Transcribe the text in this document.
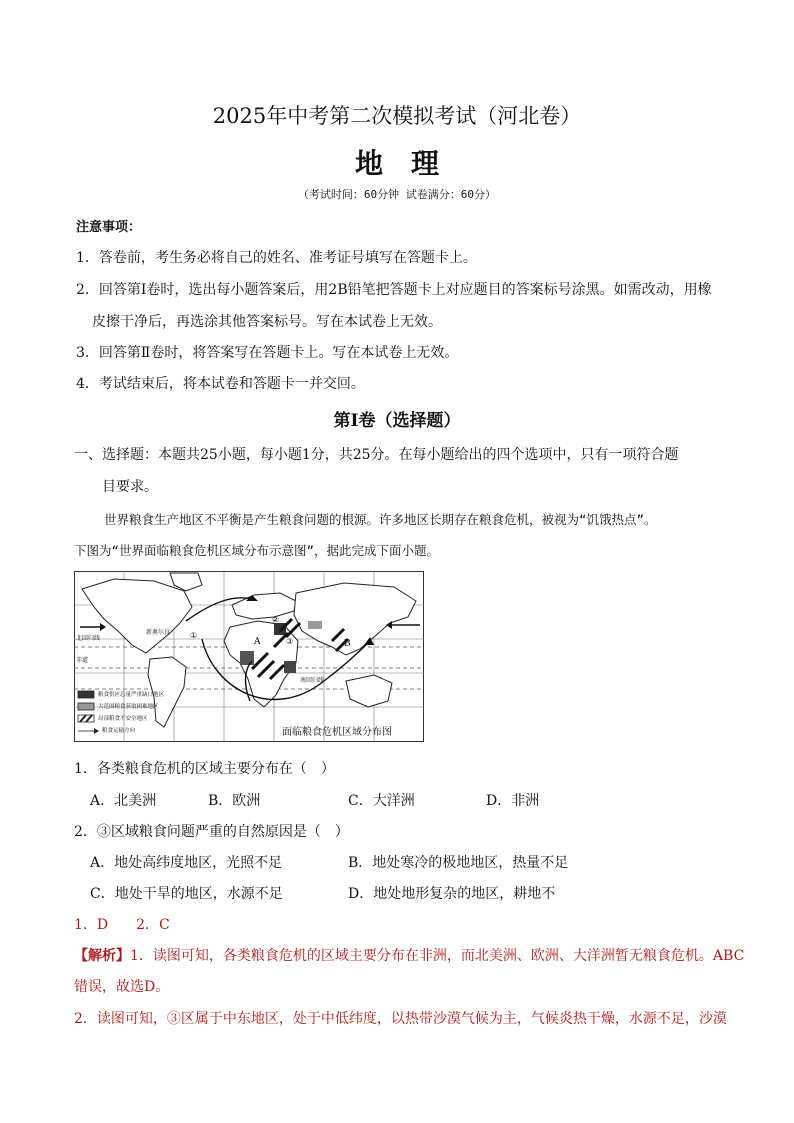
2025年中考第二次模拟考试（河北卷）
地理
（考试时间：60分钟 试卷满分：60分）
注意事项：
1．答卷前，考生务必将自己的姓名、准考证号填写在答题卡上。
2．回答第Ⅰ卷时，选出每小题答案后，用2B铅笔把答题卡上对应题目的答案标号涂黑。如需改动，用橡
皮擦干净后，再选涂其他答案标号。写在本试卷上无效。
3．回答第Ⅱ卷时，将答案写在答题卡上。写在本试卷上无效。
4．考试结束后，将本试卷和答题卡一并交回。
第Ⅰ卷（选择题）
一、选择题：本题共25小题，每小题1分，共25分。在每小题给出的四个选项中，只有一项符合题
目要求。
世界粮食生产地区不平衡是产生粮食问题的根源。许多地区长期存在粮食危机，被视为“饥饿热点”。
下图为“世界面临粮食危机区域分布示意图”，据此完成下面小题。
北回归线
赤道
南回归线
新奥尔良
A	B
①
②
③
粮食供应总量严重缺口地区
大范围粮食获取困难地区
局部粮食不安全地区
粮食运输方向	面临粮食危机区域分布图
1．各类粮食危机的区域主要分布在（　）
A．北美洲	B．欧洲	C．大洋洲	D．非洲
2．③区域粮食问题严重的自然原因是（　）
A．地处高纬度地区，光照不足	B．地处寒冷的极地地区，热量不足
C．地处干旱的地区，水源不足	D．地处地形复杂的地区，耕地不
1．D　　2．C
【解析】1．读图可知，各类粮食危机的区域主要分布在非洲，而北美洲、欧洲、大洋洲暂无粮食危机。ABC
错误，故选D。
2．读图可知，③区属于中东地区，处于中低纬度，以热带沙漠气候为主，气候炎热干燥，水源不足，沙漠
